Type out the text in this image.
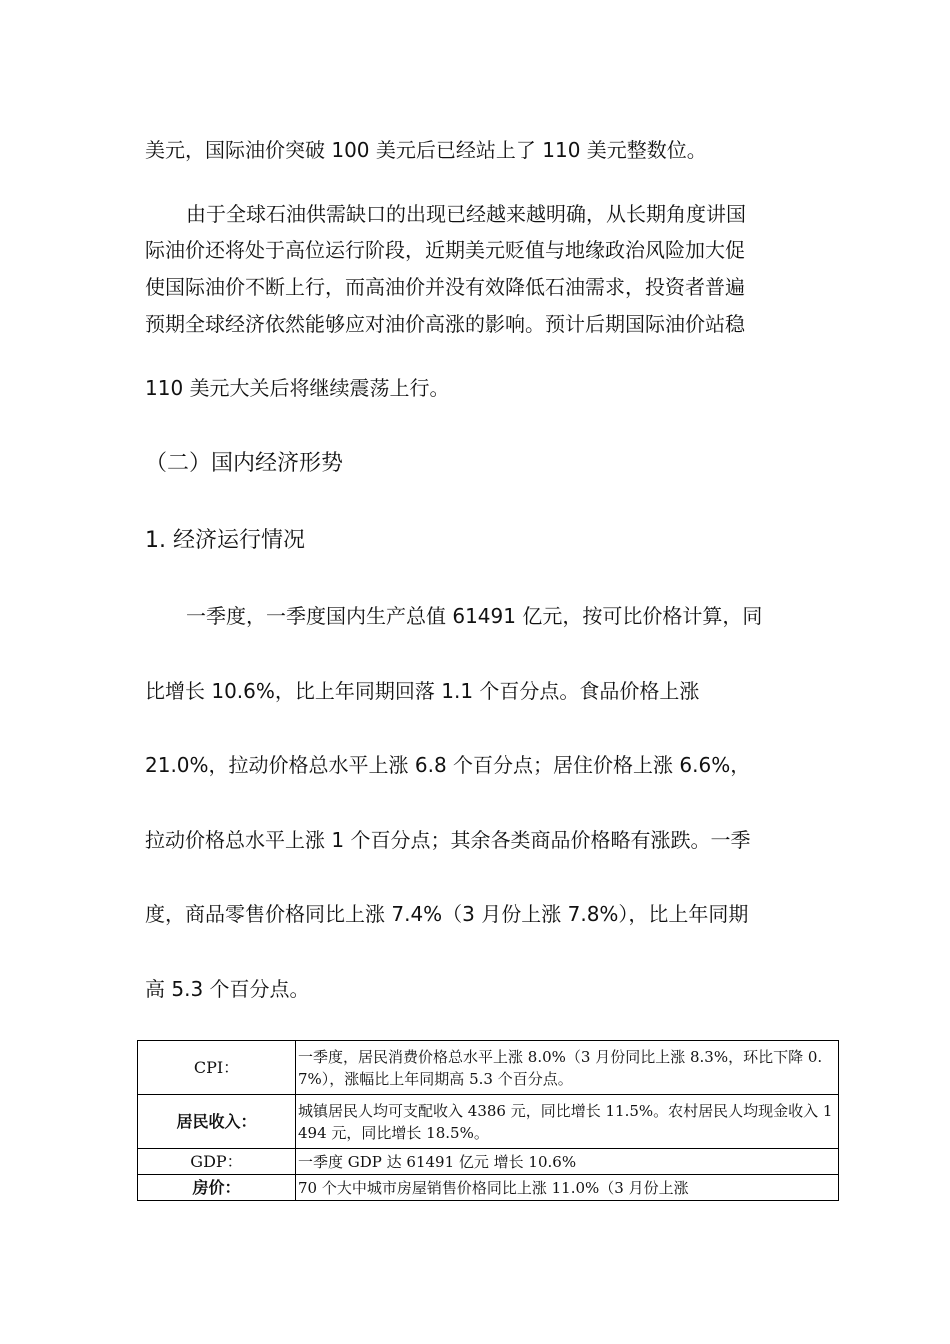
美元，国际油价突破 100 美元后已经站上了 110 美元整数位。

由于全球石油供需缺口的出现已经越来越明确，从长期角度讲国

际油价还将处于高位运行阶段，近期美元贬值与地缘政治风险加大促

使国际油价不断上行，而高油价并没有效降低石油需求，投资者普遍

预期全球经济依然能够应对油价高涨的影响。预计后期国际油价站稳

110 美元大关后将继续震荡上行。

（二）国内经济形势

1. 经济运行情况

一季度，一季度国内生产总值 61491 亿元，按可比价格计算，同

比增长 10.6%，比上年同期回落 1.1 个百分点。食品价格上涨

21.0%，拉动价格总水平上涨 6.8 个百分点；居住价格上涨 6.6%，

拉动价格总水平上涨 1 个百分点；其余各类商品价格略有涨跌。一季

度，商品零售价格同比上涨 7.4%（3 月份上涨 7.8%），比上年同期

高 5.3 个百分点。

CPI：	一季度，居民消费价格总水平上涨 8.0%（3 月份同比上涨 8.3%，环比下降 0.7%），涨幅比上年同期高 5.3 个百分点。
居民收入：	城镇居民人均可支配收入 4386 元，同比增长 11.5%。农村居民人均现金收入 1494 元，同比增长 18.5%。
GDP：	一季度 GDP 达 61491 亿元 增长 10.6%
房价：	70 个大中城市房屋销售价格同比上涨 11.0%（3 月份上涨
